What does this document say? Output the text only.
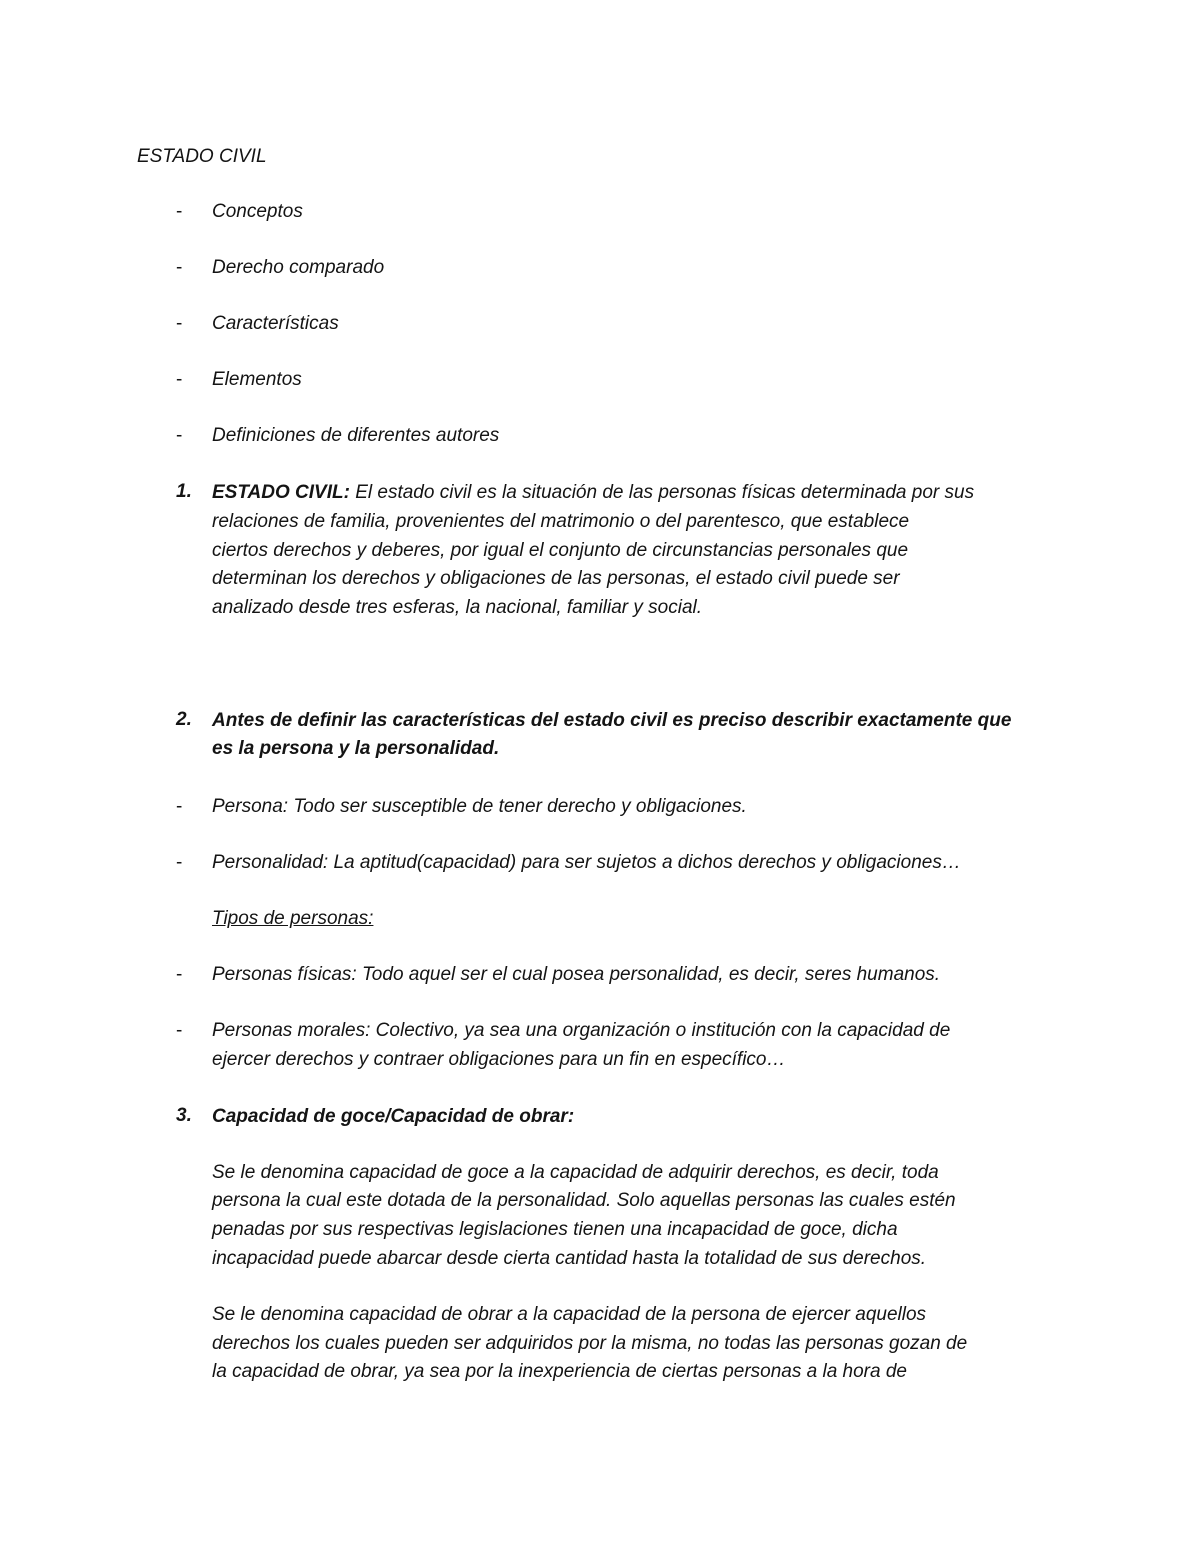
ESTADO CIVIL
- Conceptos
- Derecho comparado
- Características
- Elementos
- Definiciones de diferentes autores
1. ESTADO CIVIL: El estado civil es la situación de las personas físicas determinada por sus
relaciones de familia, provenientes del matrimonio o del parentesco, que establece
ciertos derechos y deberes, por igual el conjunto de circunstancias personales que
determinan los derechos y obligaciones de las personas, el estado civil puede ser
analizado desde tres esferas, la nacional, familiar y social.
2. Antes de definir las características del estado civil es preciso describir exactamente que
es la persona y la personalidad.
- Persona: Todo ser susceptible de tener derecho y obligaciones.
- Personalidad: La aptitud(capacidad) para ser sujetos a dichos derechos y obligaciones…
Tipos de personas:
- Personas físicas: Todo aquel ser el cual posea personalidad, es decir, seres humanos.
- Personas morales: Colectivo, ya sea una organización o institución con la capacidad de
ejercer derechos y contraer obligaciones para un fin en específico…
3. Capacidad de goce/Capacidad de obrar:
Se le denomina capacidad de goce a la capacidad de adquirir derechos, es decir, toda
persona la cual este dotada de la personalidad. Solo aquellas personas las cuales estén
penadas por sus respectivas legislaciones tienen una incapacidad de goce, dicha
incapacidad puede abarcar desde cierta cantidad hasta la totalidad de sus derechos.
Se le denomina capacidad de obrar a la capacidad de la persona de ejercer aquellos
derechos los cuales pueden ser adquiridos por la misma, no todas las personas gozan de
la capacidad de obrar, ya sea por la inexperiencia de ciertas personas a la hora de
